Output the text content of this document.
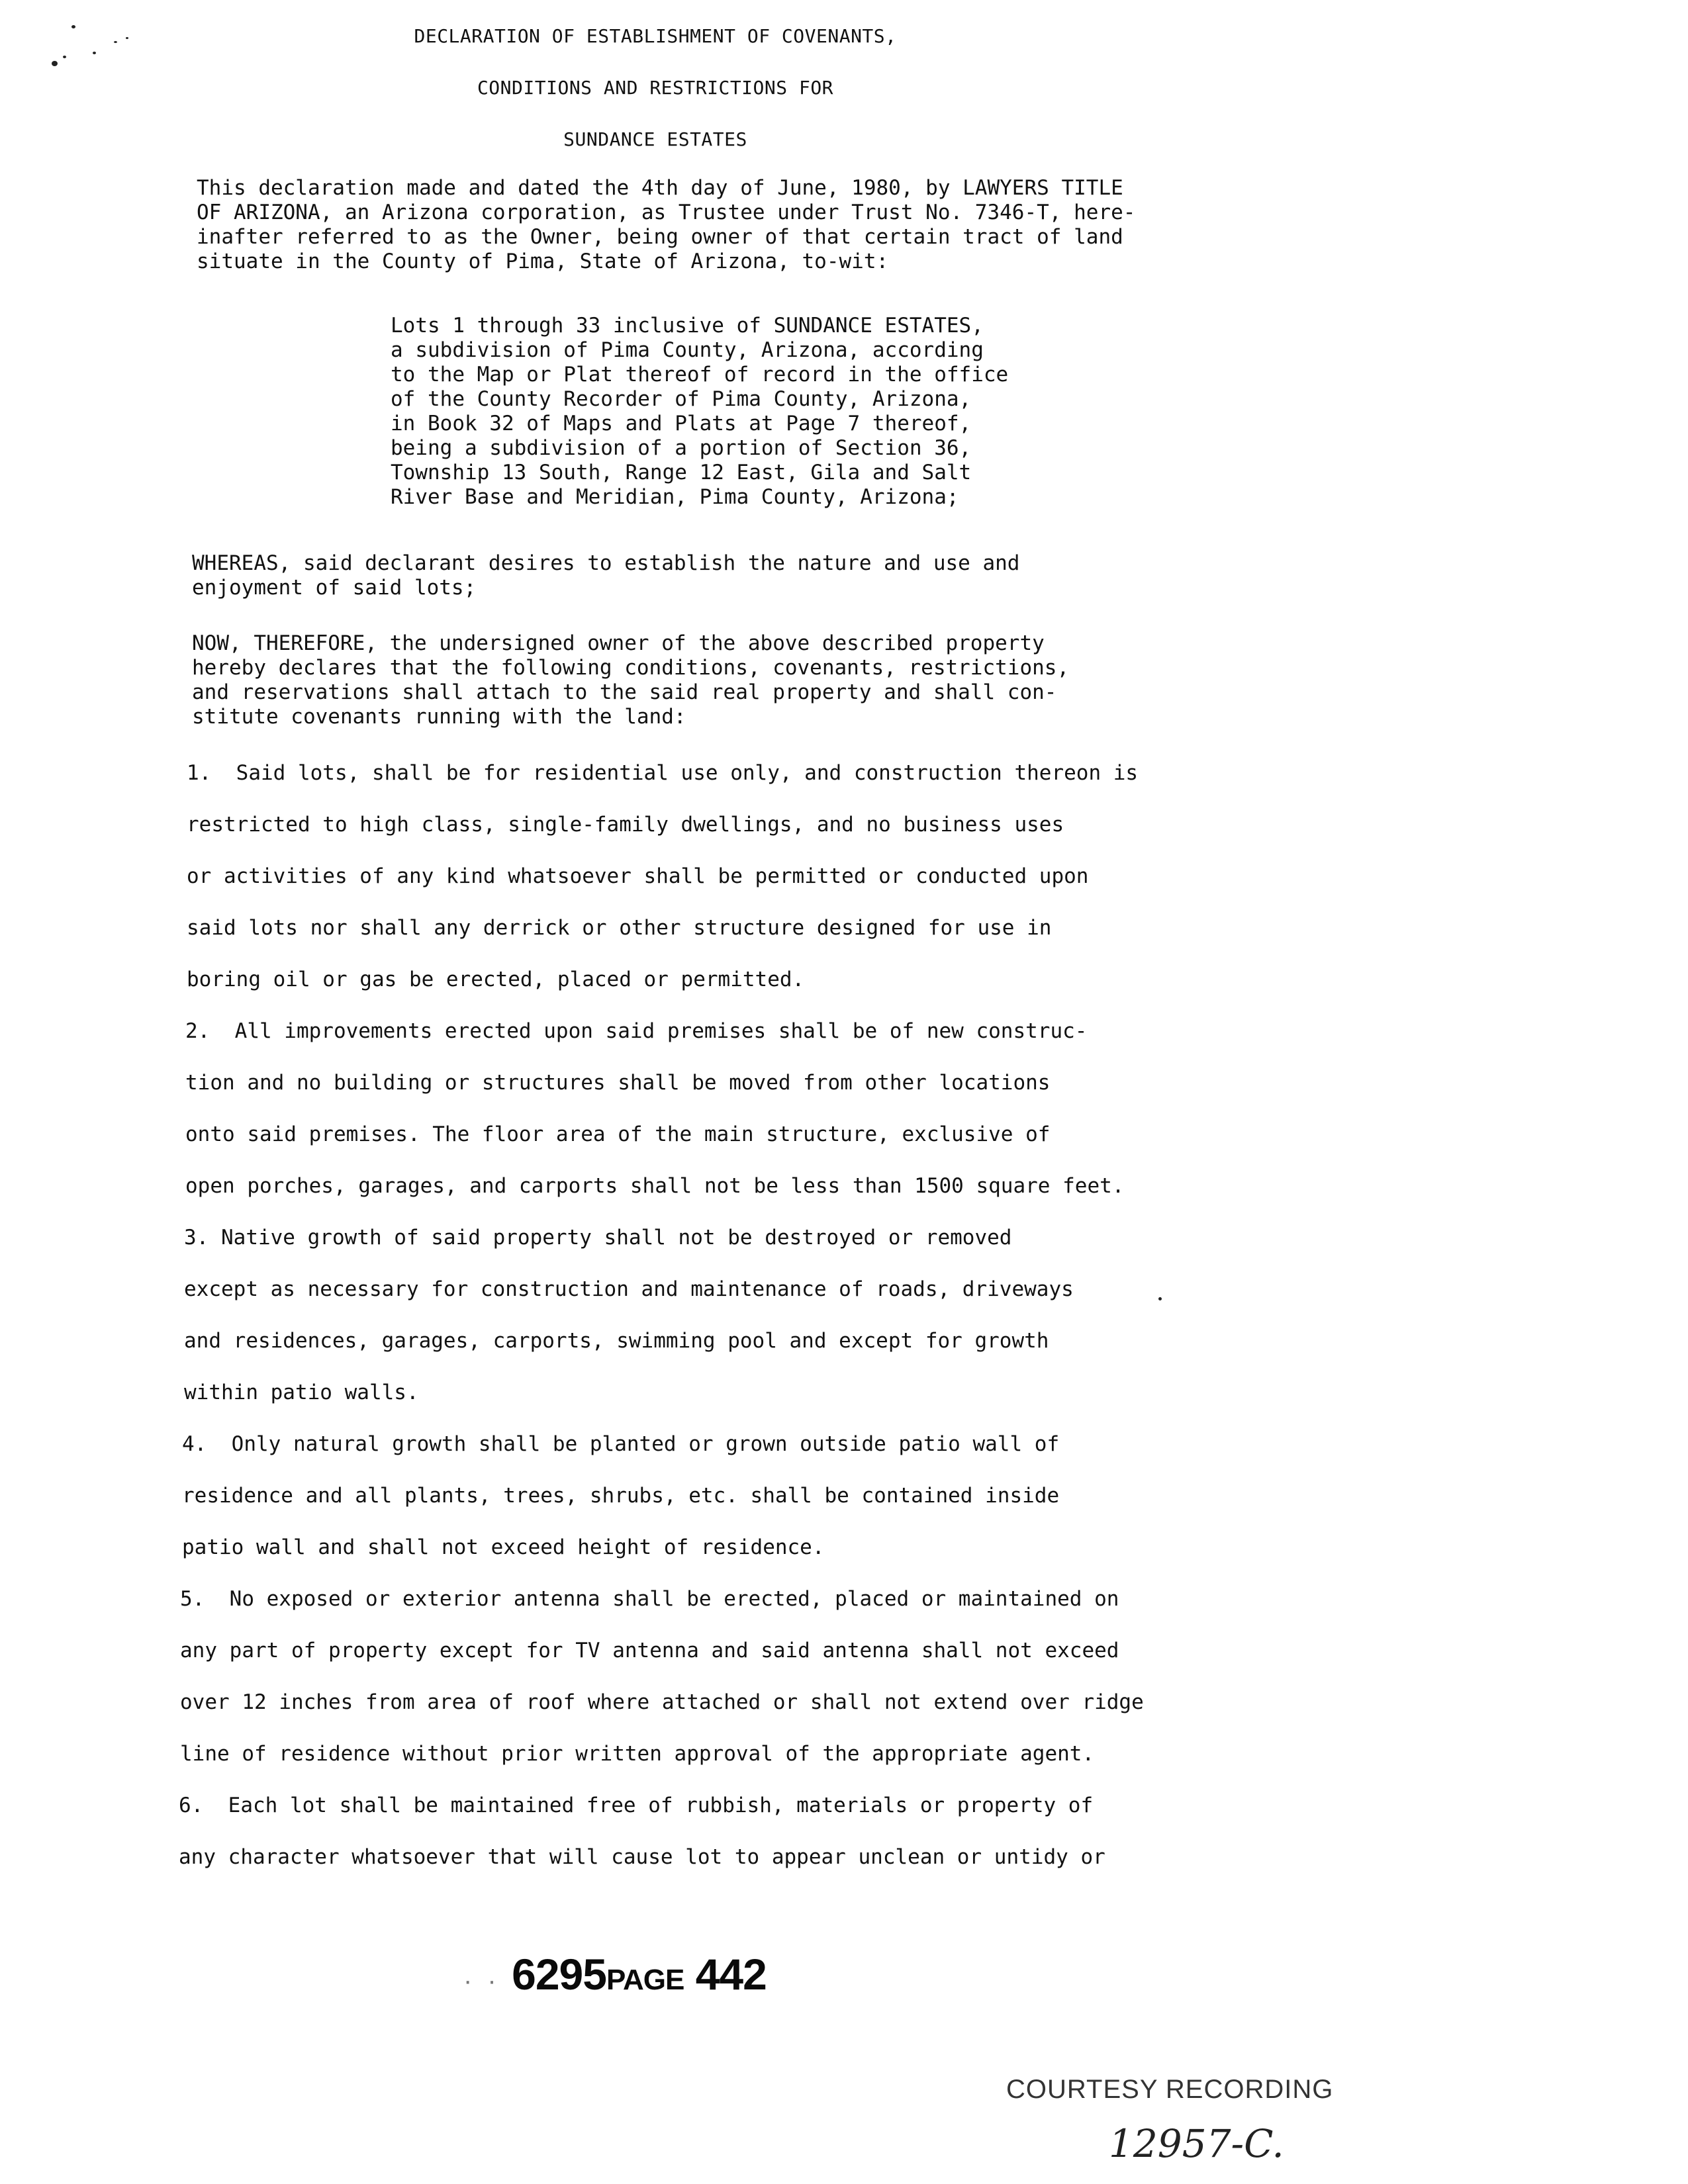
DECLARATION OF ESTABLISHMENT OF COVENANTS,
CONDITIONS AND RESTRICTIONS FOR
SUNDANCE ESTATES
This declaration made and dated the 4th day of June, 1980, by LAWYERS TITLE
OF ARIZONA, an Arizona corporation, as Trustee under Trust No. 7346-T, here-
inafter referred to as the Owner, being owner of that certain tract of land
situate in the County of Pima, State of Arizona, to-wit:
Lots 1 through 33 inclusive of SUNDANCE ESTATES,
a subdivision of Pima County, Arizona, according
to the Map or Plat thereof of record in the office
of the County Recorder of Pima County, Arizona,
in Book 32 of Maps and Plats at Page 7 thereof,
being a subdivision of a portion of Section 36,
Township 13 South, Range 12 East, Gila and Salt
River Base and Meridian, Pima County, Arizona;
WHEREAS, said declarant desires to establish the nature and use and
enjoyment of said lots;
NOW, THEREFORE, the undersigned owner of the above described property
hereby declares that the following conditions, covenants, restrictions,
and reservations shall attach to the said real property and shall con-
stitute covenants running with the land:
1.  Said lots, shall be for residential use only, and construction thereon is
restricted to high class, single-family dwellings, and no business uses
or activities of any kind whatsoever shall be permitted or conducted upon
said lots nor shall any derrick or other structure designed for use in
boring oil or gas be erected, placed or permitted.
2.  All improvements erected upon said premises shall be of new construc-
tion and no building or structures shall be moved from other locations
onto said premises. The floor area of the main structure, exclusive of
open porches, garages, and carports shall not be less than 1500 square feet.
3. Native growth of said property shall not be destroyed or removed
except as necessary for construction and maintenance of roads, driveways
and residences, garages, carports, swimming pool and except for growth
within patio walls.
4.  Only natural growth shall be planted or grown outside patio wall of
residence and all plants, trees, shrubs, etc. shall be contained inside
patio wall and shall not exceed height of residence.
5.  No exposed or exterior antenna shall be erected, placed or maintained on
any part of property except for TV antenna and said antenna shall not exceed
over 12 inches from area of roof where attached or shall not extend over ridge
line of residence without prior written approval of the appropriate agent.
6.  Each lot shall be maintained free of rubbish, materials or property of
any character whatsoever that will cause lot to appear unclean or untidy or
· · 6295PAGE 442
COURTESY RECORDING
12957-C.
